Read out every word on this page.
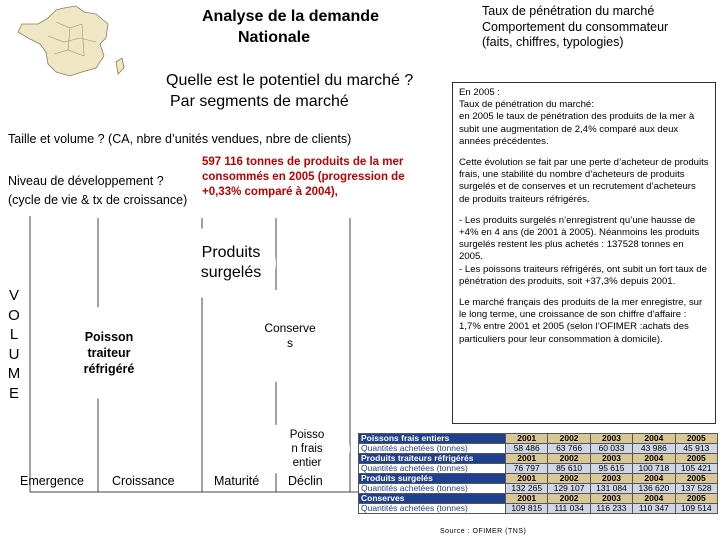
Analyse de la demande
Nationale
Taux de pénétration du marché
Comportement du consommateur
(faits, chiffres, typologies)
Quelle est le potentiel du marché ?
Par segments de marché
Taille et volume ? (CA, nbre d’unités vendues, nbre de clients)
Niveau de développement ?
(cycle de vie & tx de croissance)
597 116 tonnes de produits de la mer consommés en 2005 (progression de +0,33% comparé à 2004),
V
O
L
U
M
E
Produits surgelés
Conserve s
Poisson traiteur réfrigéré
Poisso n frais entier
Emergence Croissance	Maturité Déclin

En 2005 :
Taux de pénétration du marché:
en 2005 le taux de pénétration des produits de la mer à subit une augmentation de 2,4% comparé aux deux années précédentes.

Cette évolution se fait par une perte d’acheteur de produits frais, une stabilité du nombre d’acheteurs de produits surgelés et de conserves et un recrutement d’acheteurs de produits traiteurs réfrigérés.

- Les produits surgelés n’enregistrent qu’une hausse de +4% en 4 ans (de 2001 à 2005). Néanmoins les produits surgelés restent les plus achetés : 137528 tonnes en 2005.
- Les poissons traiteurs réfrigérés, ont subit un fort taux de pénétration des produits, soit +37,3% depuis 2001.

Le marché français des produits de la mer enregistre, sur le long terme, une croissance de son chiffre d’affaire : 1,7% entre 2001 et 2005 (selon l’OFIMER :achats des particuliers pour leur consommation à domicile).

Poissons frais entiers	2001	2002	2003	2004	2005
Quantités achetées (tonnes)	58 486	63 766	60 033	43 986	45 913
Produits traiteurs réfrigérés	2001	2002	2003	2004	2005
Quantités achetées (tonnes)	76 797	85 610	95 615	100 718	105 421
Produits surgelés	2001	2002	2003	2004	2005
Quantités achetées (tonnes)	132 265	129 107	131 084	136 620	137 528
Conserves	2001	2002	2003	2004	2005
Quantités achetées (tonnes)	109 815	111 034	116 233	110 347	109 514
Source : OFIMER (TNS)
